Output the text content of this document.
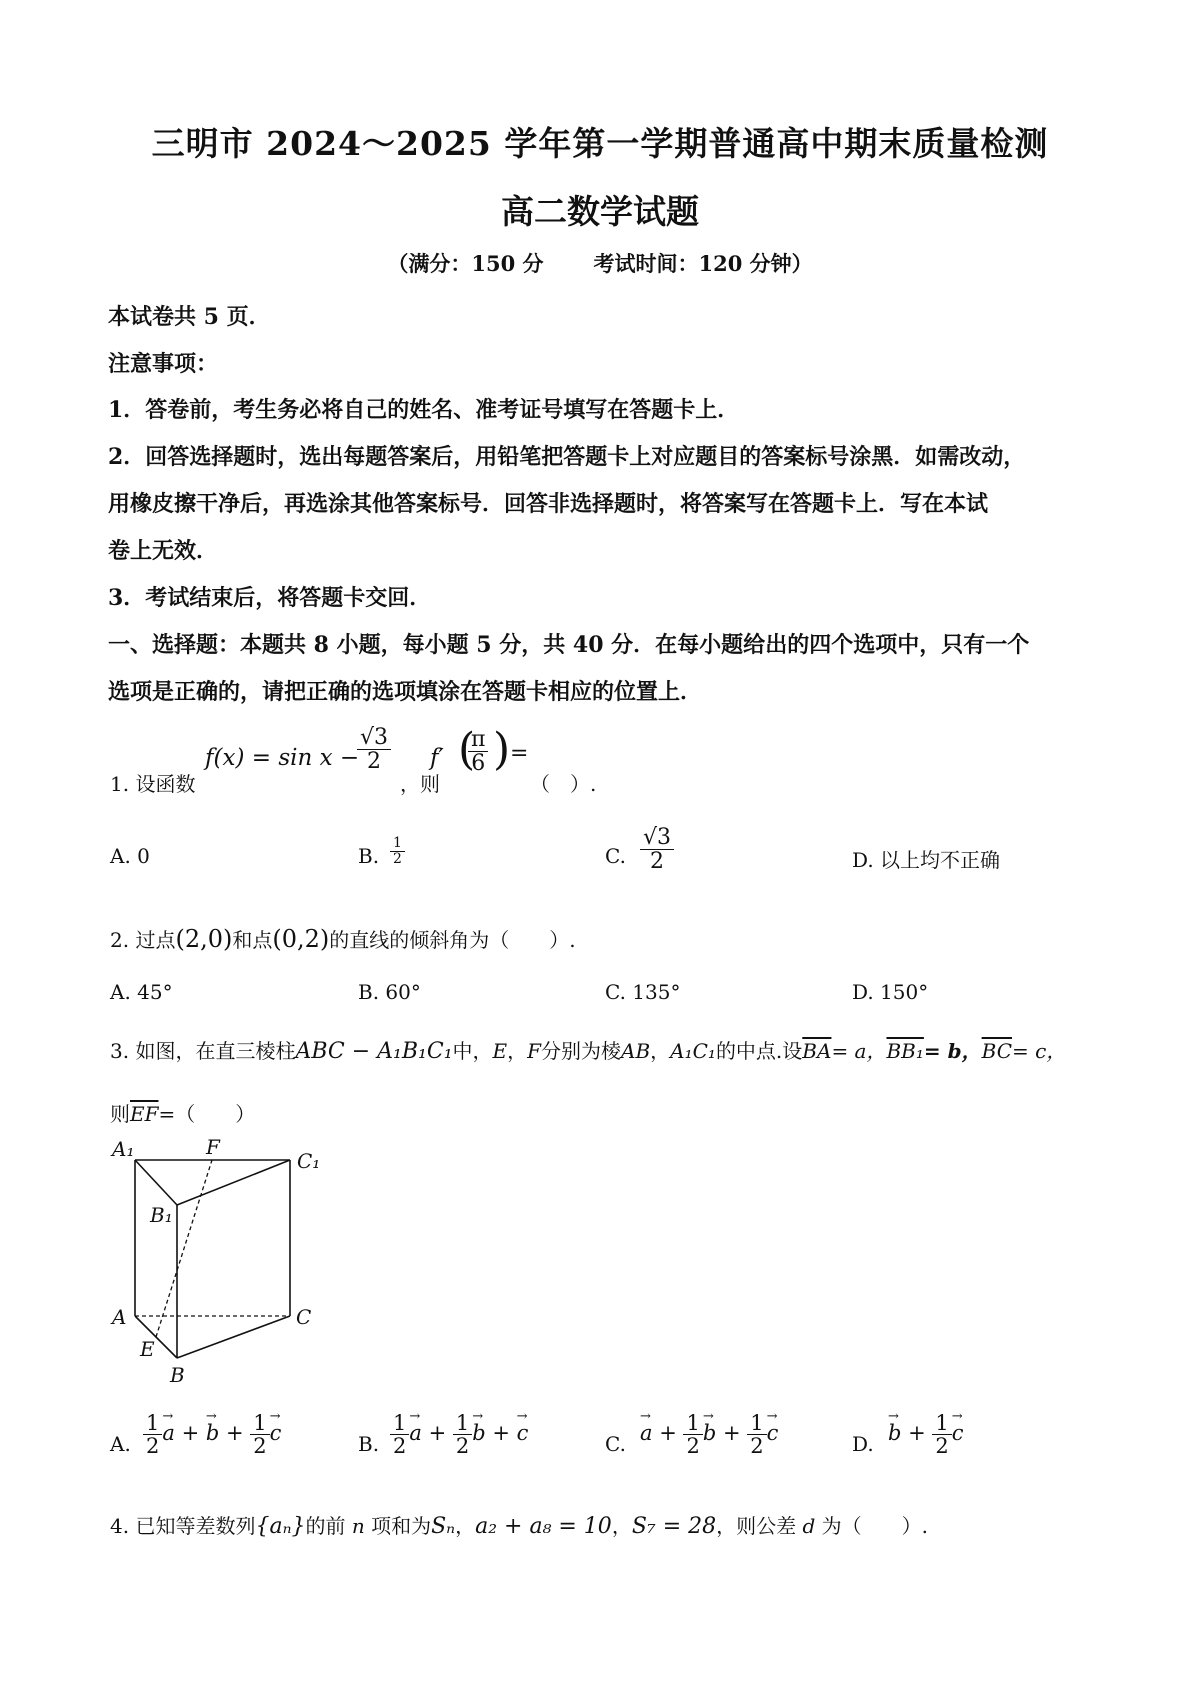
三明市 2024～2025 学年第一学期普通高中期末质量检测
高二数学试题
（满分：150 分 考试时间：120 分钟）
本试卷共 5 页．
注意事项：
1．答卷前，考生务必将自己的姓名、准考证号填写在答题卡上．
2．回答选择题时，选出每题答案后，用铅笔把答题卡上对应题目的答案标号涂黑．如需改动，
用橡皮擦干净后，再选涂其他答案标号．回答非选择题时，将答案写在答题卡上．写在本试
卷上无效．
3．考试结束后，将答题卡交回．
一、选择题：本题共 8 小题，每小题 5 分，共 40 分．在每小题给出的四个选项中，只有一个
选项是正确的，请把正确的选项填涂在答题卡相应的位置上．
1. 设函数
f(x) = sin x −
$\frac{√3}{2}$
，则
f′ (
$\frac{\pi}{6}$ ) =
（　）.
A. 0	B. $\frac{1}{2}$	C. $\frac{√3}{2}$	D. 以上均不正确
2. 过点(2,0)和点(0,2)的直线的倾斜角为（　　）.
A. 45°	B. 60°	C. 135°	D. 150°
3. 如图，在直三棱柱ABC − A₁B₁C₁中，E，F分别为棱AB，A₁C₁的中点.设$\overline{BA}= a$，BB₁= b，$\overline{BC}= c$，
则$\overline{EF}=$（　　）
A₁	F
C₁
B₁
A	C
E
B
A. $\frac{1}{2} \to a$ + → $b + \frac{1}{2} \to c$	B. $\frac{1}{2} \to a + \frac{1}{2} \to b$ + → c	C. → $a + \frac{1}{2} \to b + \frac{1}{2} \to c$	D. → $b + \frac{1}{2} \to c$
4. 已知等差数列{aₙ}的前 n 项和为Sₙ，a₂ + a₈ = 10，S₇ = 28，则公差 d 为（　　）.
